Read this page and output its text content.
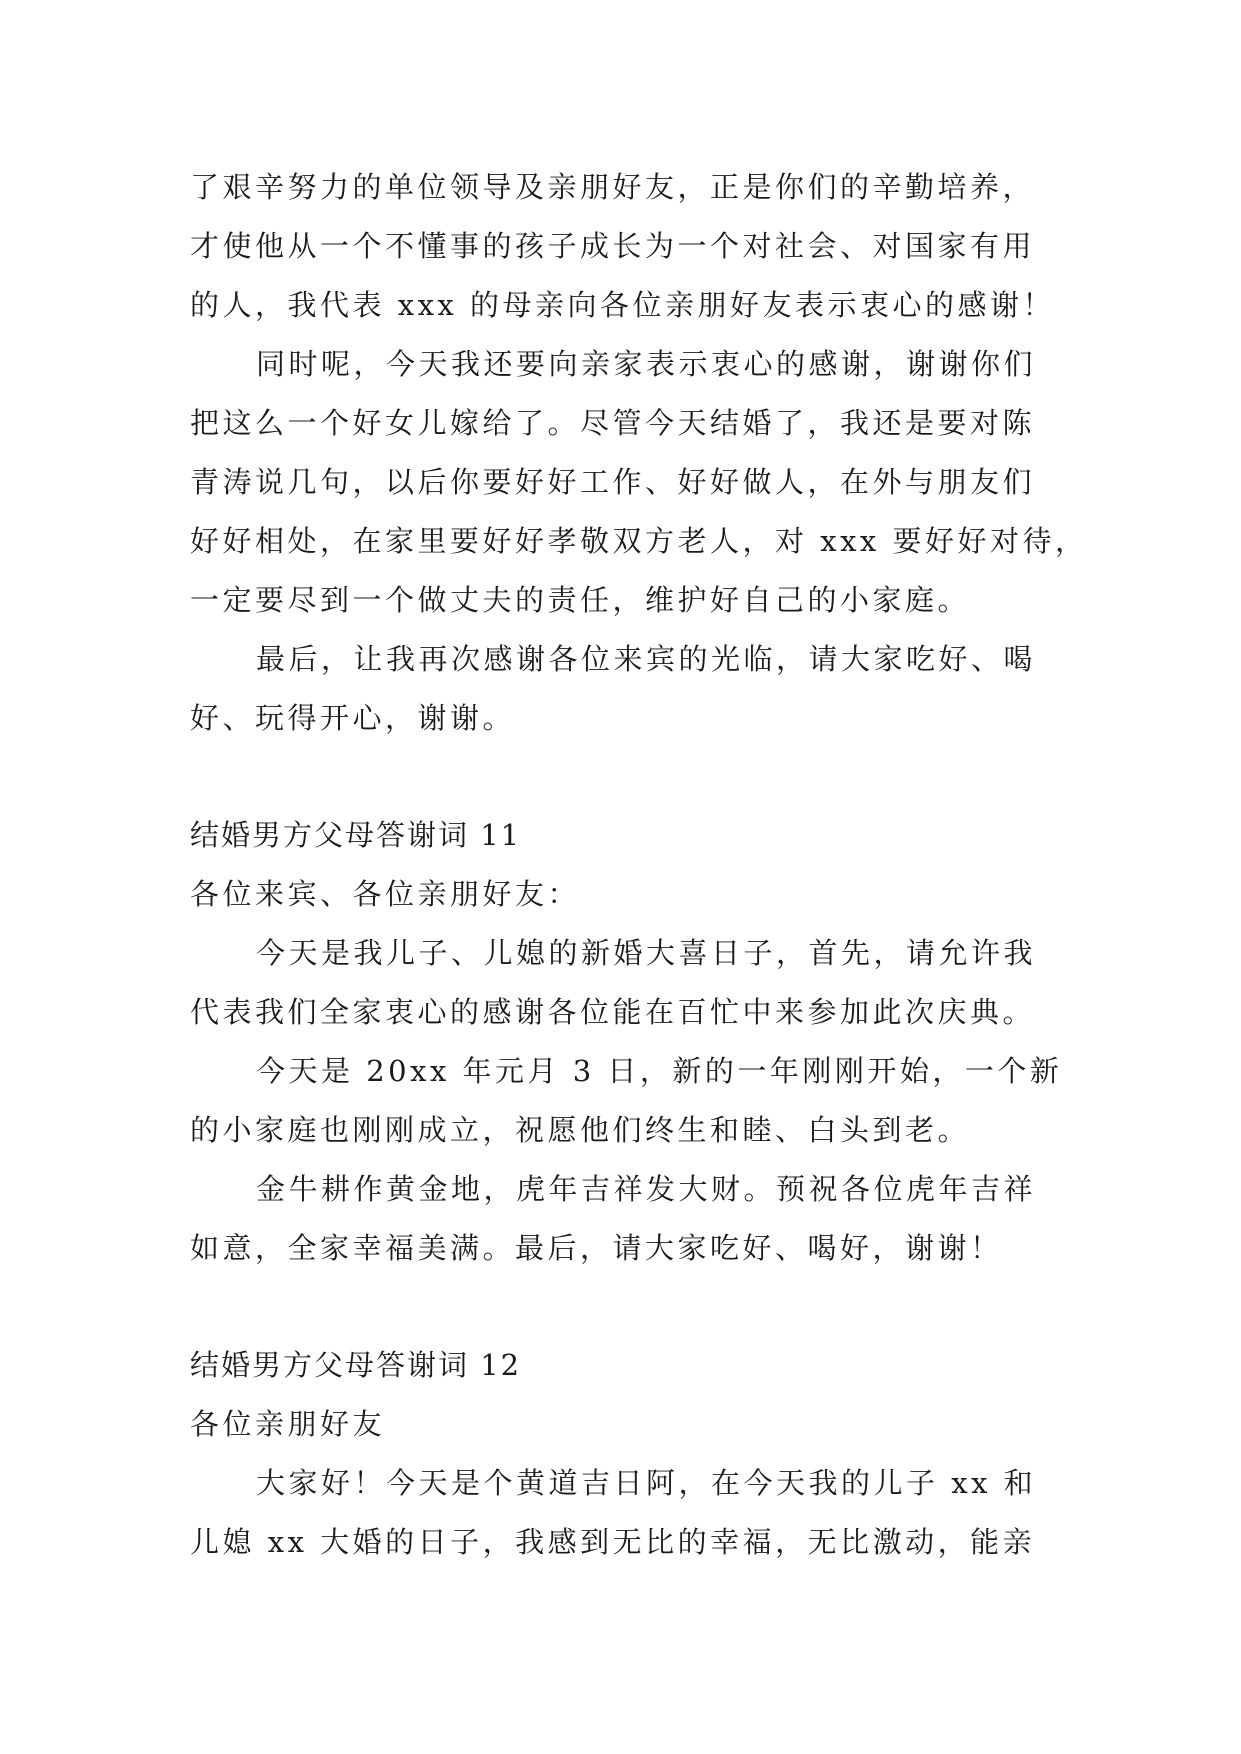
了艰辛努力的单位领导及亲朋好友，正是你们的辛勤培养，
才使他从一个不懂事的孩子成长为一个对社会、对国家有用
的人，我代表 xxx 的母亲向各位亲朋好友表示衷心的感谢！

同时呢，今天我还要向亲家表示衷心的感谢，谢谢你们
把这么一个好女儿嫁给了。尽管今天结婚了，我还是要对陈
青涛说几句，以后你要好好工作、好好做人，在外与朋友们
好好相处，在家里要好好孝敬双方老人，对 xxx 要好好对待，
一定要尽到一个做丈夫的责任，维护好自己的小家庭。

最后，让我再次感谢各位来宾的光临，请大家吃好、喝
好、玩得开心，谢谢。

结婚男方父母答谢词 11
各位来宾、各位亲朋好友：

今天是我儿子、儿媳的新婚大喜日子，首先，请允许我
代表我们全家衷心的感谢各位能在百忙中来参加此次庆典。

今天是 20xx 年元月 3 日，新的一年刚刚开始，一个新
的小家庭也刚刚成立，祝愿他们终生和睦、白头到老。

金牛耕作黄金地，虎年吉祥发大财。预祝各位虎年吉祥
如意，全家幸福美满。最后，请大家吃好、喝好，谢谢！

结婚男方父母答谢词 12
各位亲朋好友

大家好！今天是个黄道吉日阿，在今天我的儿子 xx 和
儿媳 xx 大婚的日子，我感到无比的幸福，无比激动，能亲
